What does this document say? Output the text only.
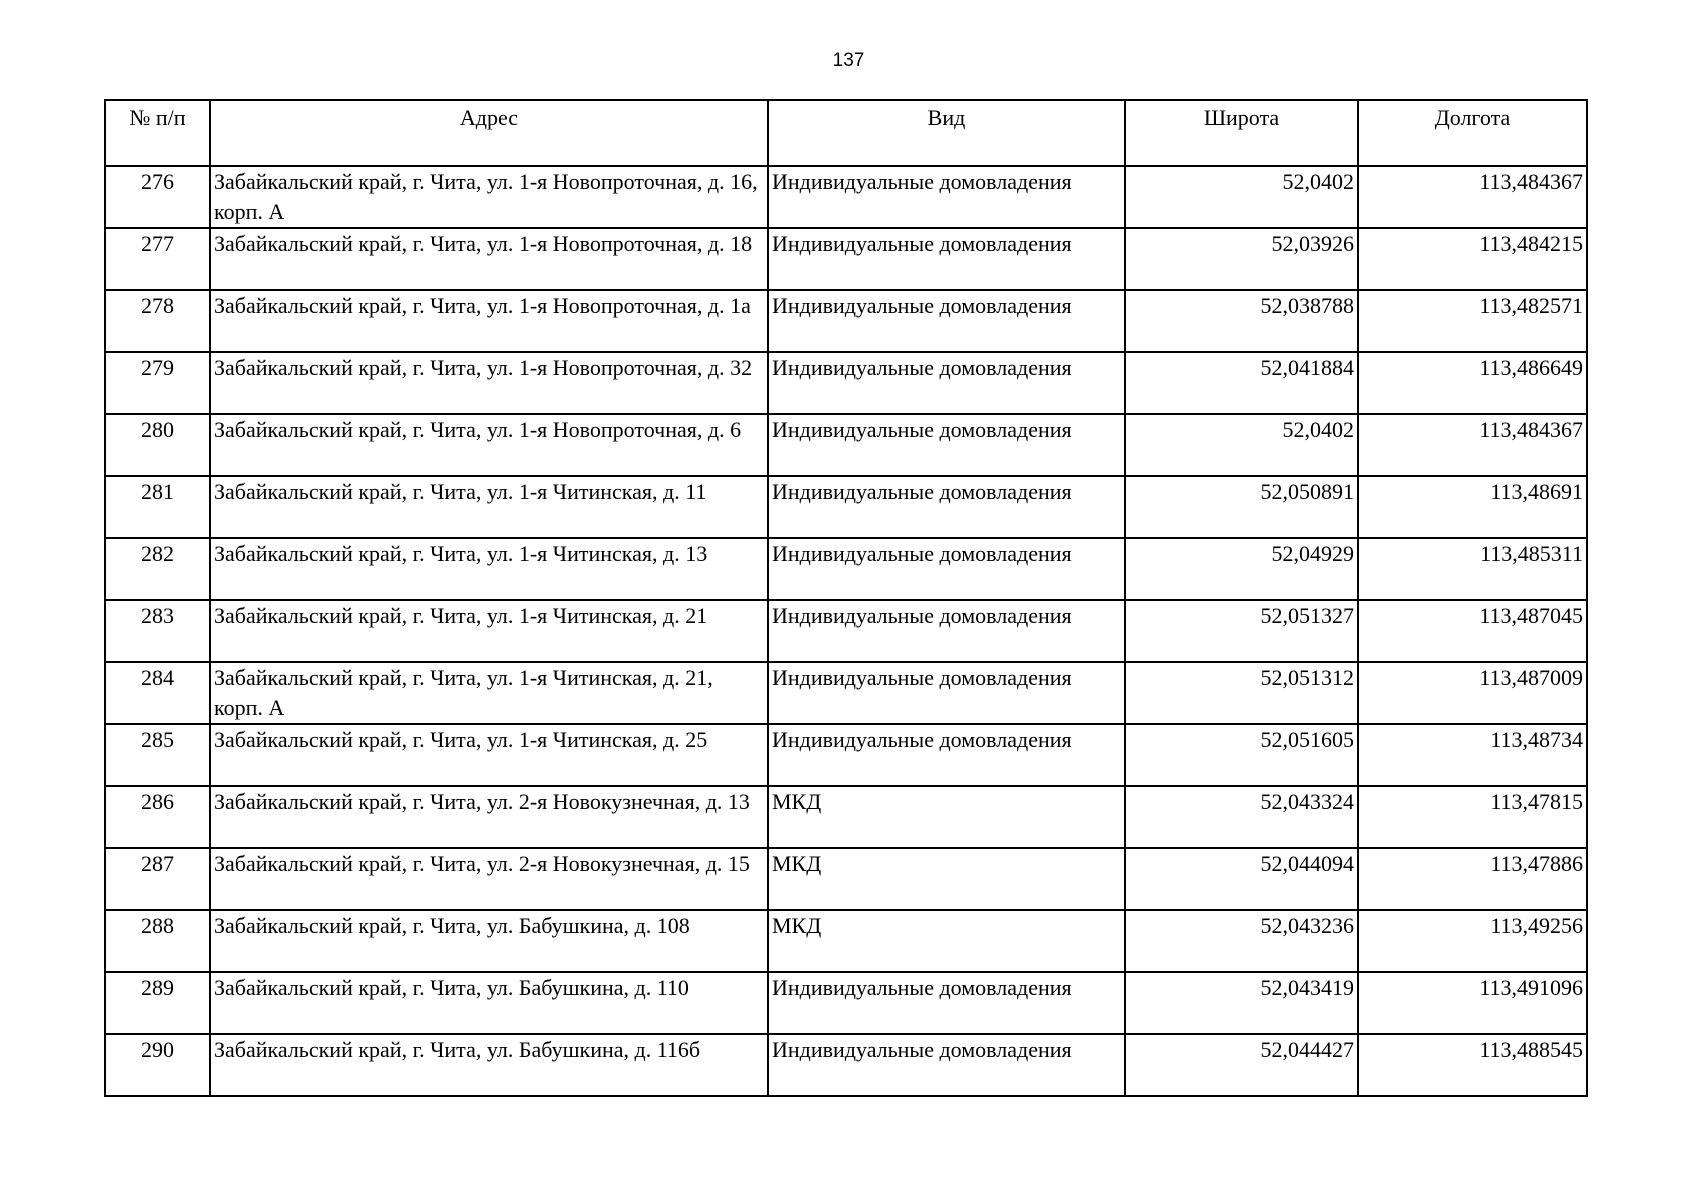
137
№ п/п	Адрес	Вид	Широта	Долгота
276	Забайкальский край, г. Чита, ул. 1-я Новопроточная, д. 16, корп. А	Индивидуальные домовладения	52,0402	113,484367
277	Забайкальский край, г. Чита, ул. 1-я Новопроточная, д. 18	Индивидуальные домовладения	52,03926	113,484215
278	Забайкальский край, г. Чита, ул. 1-я Новопроточная, д. 1а	Индивидуальные домовладения	52,038788	113,482571
279	Забайкальский край, г. Чита, ул. 1-я Новопроточная, д. 32	Индивидуальные домовладения	52,041884	113,486649
280	Забайкальский край, г. Чита, ул. 1-я Новопроточная, д. 6	Индивидуальные домовладения	52,0402	113,484367
281	Забайкальский край, г. Чита, ул. 1-я Читинская, д. 11	Индивидуальные домовладения	52,050891	113,48691
282	Забайкальский край, г. Чита, ул. 1-я Читинская, д. 13	Индивидуальные домовладения	52,04929	113,485311
283	Забайкальский край, г. Чита, ул. 1-я Читинская, д. 21	Индивидуальные домовладения	52,051327	113,487045
284	Забайкальский край, г. Чита, ул. 1-я Читинская, д. 21, корп. А	Индивидуальные домовладения	52,051312	113,487009
285	Забайкальский край, г. Чита, ул. 1-я Читинская, д. 25	Индивидуальные домовладения	52,051605	113,48734
286	Забайкальский край, г. Чита, ул. 2-я Новокузнечная, д. 13	МКД	52,043324	113,47815
287	Забайкальский край, г. Чита, ул. 2-я Новокузнечная, д. 15	МКД	52,044094	113,47886
288	Забайкальский край, г. Чита, ул. Бабушкина, д. 108	МКД	52,043236	113,49256
289	Забайкальский край, г. Чита, ул. Бабушкина, д. 110	Индивидуальные домовладения	52,043419	113,491096
290	Забайкальский край, г. Чита, ул. Бабушкина, д. 116б	Индивидуальные домовладения	52,044427	113,488545
